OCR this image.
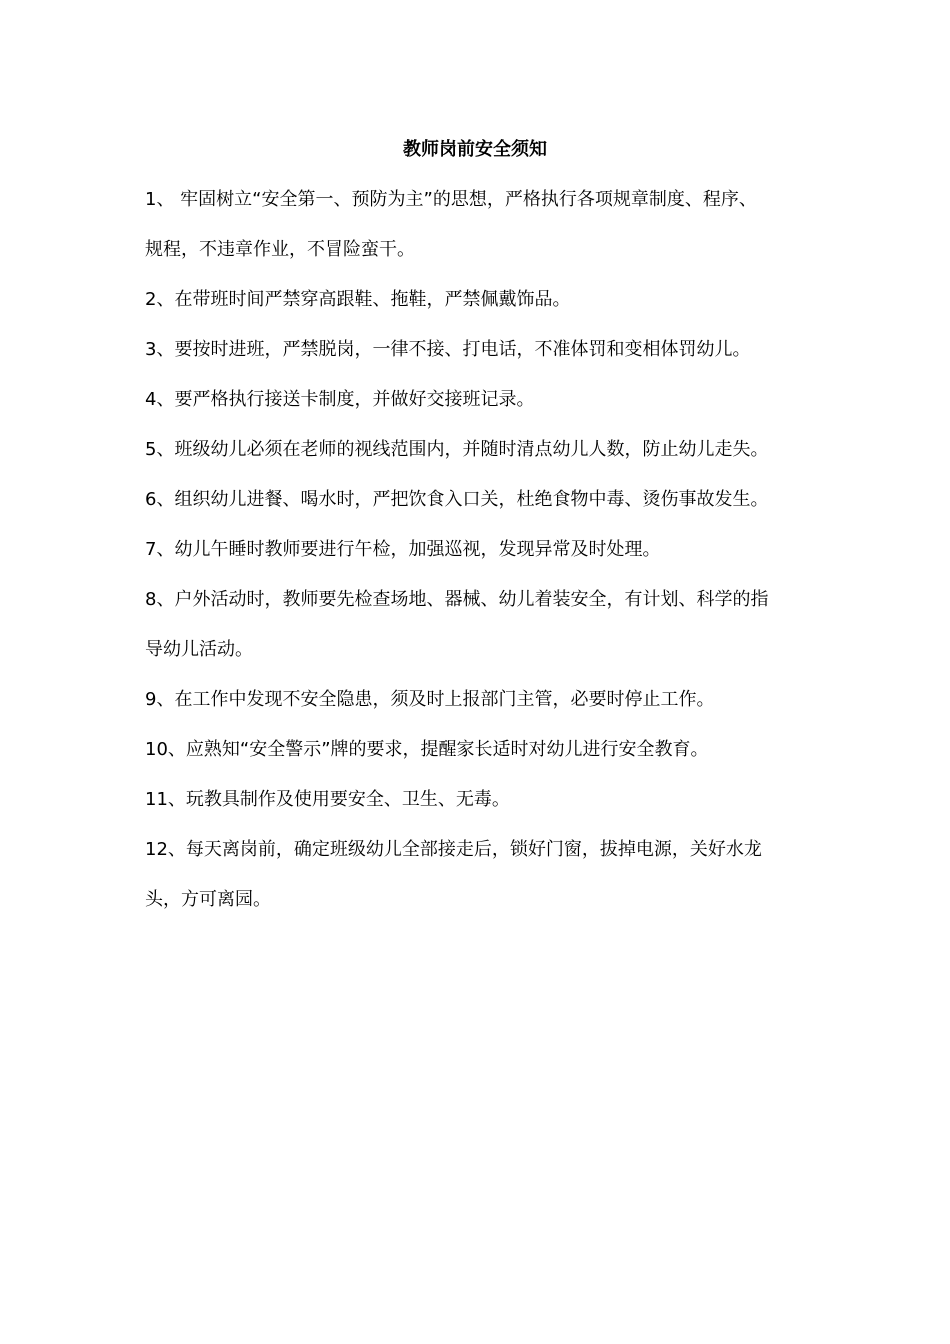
教师岗前安全须知
1、 牢固树立“安全第一、预防为主”的思想，严格执行各项规章制度、程序、
规程，不违章作业，不冒险蛮干。
2、在带班时间严禁穿高跟鞋、拖鞋，严禁佩戴饰品。
3、要按时进班，严禁脱岗，一律不接、打电话，不准体罚和变相体罚幼儿。
4、要严格执行接送卡制度，并做好交接班记录。
5、班级幼儿必须在老师的视线范围内，并随时清点幼儿人数，防止幼儿走失。
6、组织幼儿进餐、喝水时，严把饮食入口关，杜绝食物中毒、烫伤事故发生。
7、幼儿午睡时教师要进行午检，加强巡视，发现异常及时处理。
8、户外活动时，教师要先检查场地、器械、幼儿着装安全，有计划、科学的指
导幼儿活动。
9、在工作中发现不安全隐患，须及时上报部门主管，必要时停止工作。
10、应熟知“安全警示”牌的要求，提醒家长适时对幼儿进行安全教育。
11、玩教具制作及使用要安全、卫生、无毒。
12、每天离岗前，确定班级幼儿全部接走后，锁好门窗，拔掉电源，关好水龙
头，方可离园。
